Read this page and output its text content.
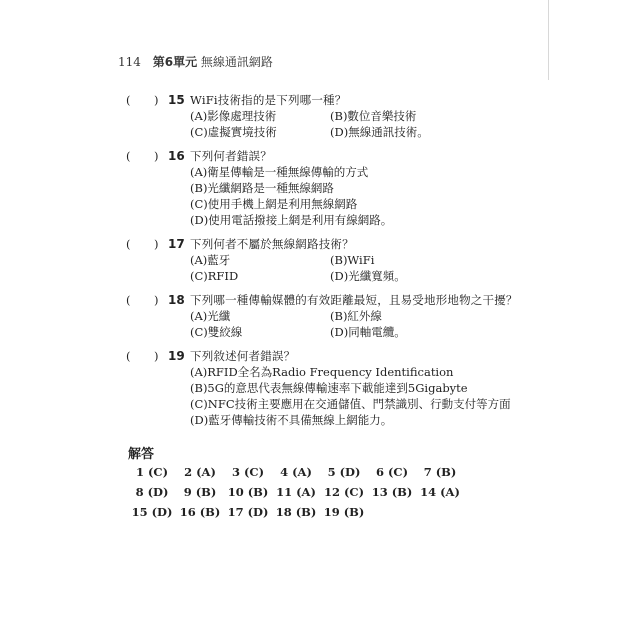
114 第6單元 無線通訊網路
(	) 15 WiFi技術指的是下列哪一種？
(A)影像處理技術	(B)數位音樂技術
(C)虛擬實境技術	(D)無線通訊技術。
(	) 16 下列何者錯誤？
(A)衛星傳輸是一種無線傳輸的方式
(B)光纖網路是一種無線網路
(C)使用手機上網是利用無線網路
(D)使用電話撥接上網是利用有線網路。
(	) 17 下列何者不屬於無線網路技術？
(A)藍牙	(B)WiFi
(C)RFID	(D)光纖寬頻。
(	) 18 下列哪一種傳輸媒體的有效距離最短，且易受地形地物之干擾？
(A)光纖	(B)紅外線
(C)雙絞線	(D)同軸電纜。
(	) 19 下列敘述何者錯誤？
(A)RFID全名為Radio Frequency Identification
(B)5G的意思代表無線傳輸速率下載能達到5Gigabyte
(C)NFC技術主要應用在交通儲值、門禁識別、行動支付等方面
(D)藍牙傳輸技術不具備無線上網能力。
解答
1 (C)	2 (A)	3 (C)	4 (A)	5 (D)	6 (C)	7 (B)
8 (D)	9 (B) 10 (B) 11 (A) 12 (C) 13 (B) 14 (A)
15 (D) 16 (B) 17 (D) 18 (B) 19 (B)
